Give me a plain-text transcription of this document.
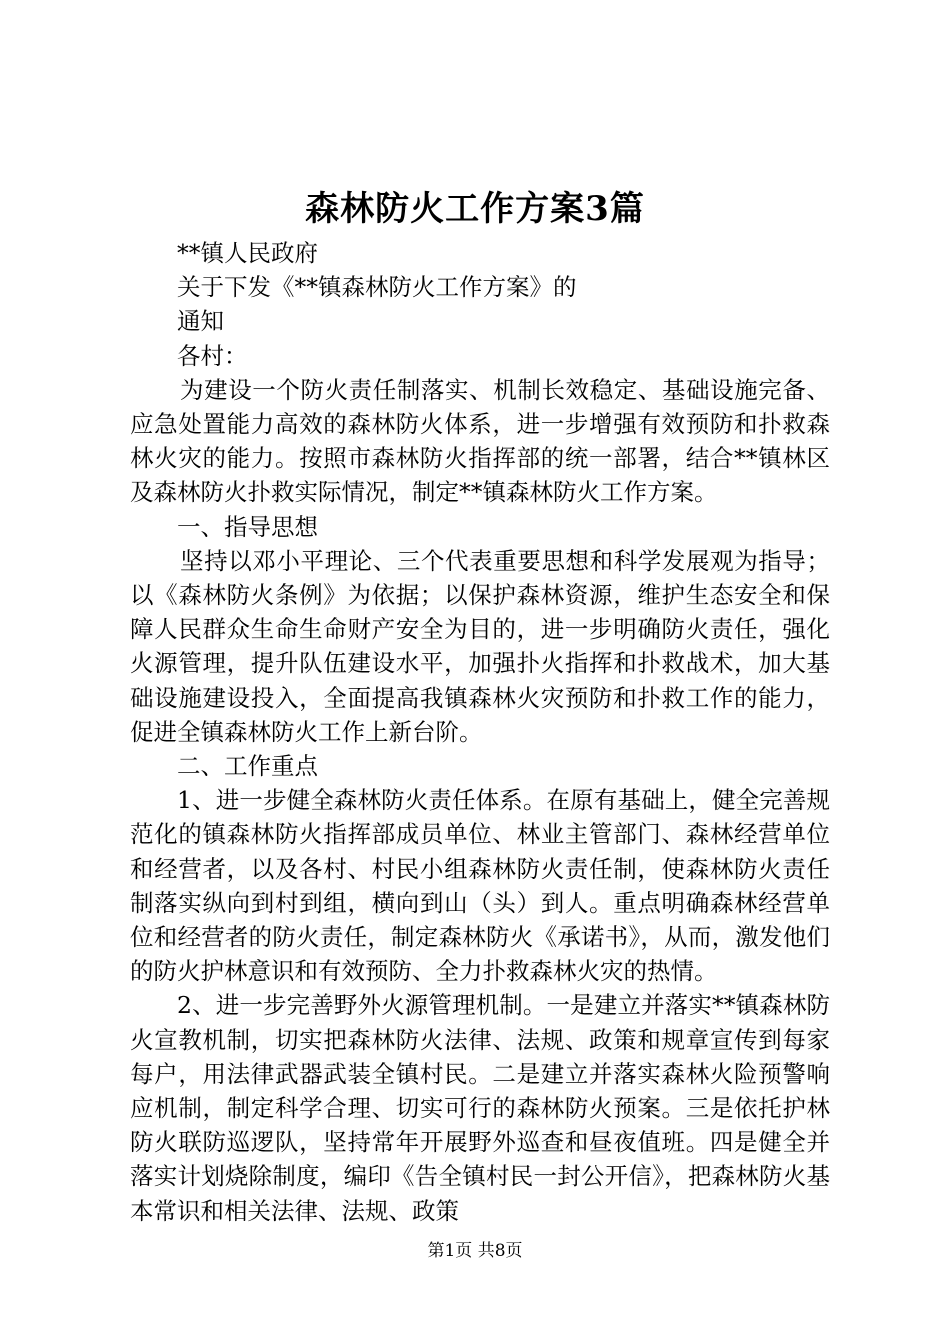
森林防火工作方案3篇

**镇人民政府

关于下发《**镇森林防火工作方案》的

通知

各村：

为建设一个防火责任制落实、机制长效稳定、基础设施完备、应急处置能力高效的森林防火体系，进一步增强有效预防和扑救森林火灾的能力。按照市森林防火指挥部的统一部署，结合**镇林区及森林防火扑救实际情况，制定**镇森林防火工作方案。

一、指导思想

坚持以邓小平理论、三个代表重要思想和科学发展观为指导；以《森林防火条例》为依据；以保护森林资源，维护生态安全和保障人民群众生命生命财产安全为目的，进一步明确防火责任，强化火源管理，提升队伍建设水平，加强扑火指挥和扑救战术，加大基础设施建设投入，全面提高我镇森林火灾预防和扑救工作的能力，促进全镇森林防火工作上新台阶。

二、工作重点

1、进一步健全森林防火责任体系。在原有基础上，健全完善规范化的镇森林防火指挥部成员单位、林业主管部门、森林经营单位和经营者，以及各村、村民小组森林防火责任制，使森林防火责任制落实纵向到村到组，横向到山（头）到人。重点明确森林经营单位和经营者的防火责任，制定森林防火《承诺书》，从而，激发他们的防火护林意识和有效预防、全力扑救森林火灾的热情。

2、进一步完善野外火源管理机制。一是建立并落实**镇森林防火宣教机制，切实把森林防火法律、法规、政策和规章宣传到每家每户，用法律武器武装全镇村民。二是建立并落实森林火险预警响应机制，制定科学合理、切实可行的森林防火预案。三是依托护林防火联防巡逻队，坚持常年开展野外巡查和昼夜值班。四是健全并落实计划烧除制度，编印《告全镇村民一封公开信》，把森林防火基本常识和相关法律、法规、政策

第1页 共8页
